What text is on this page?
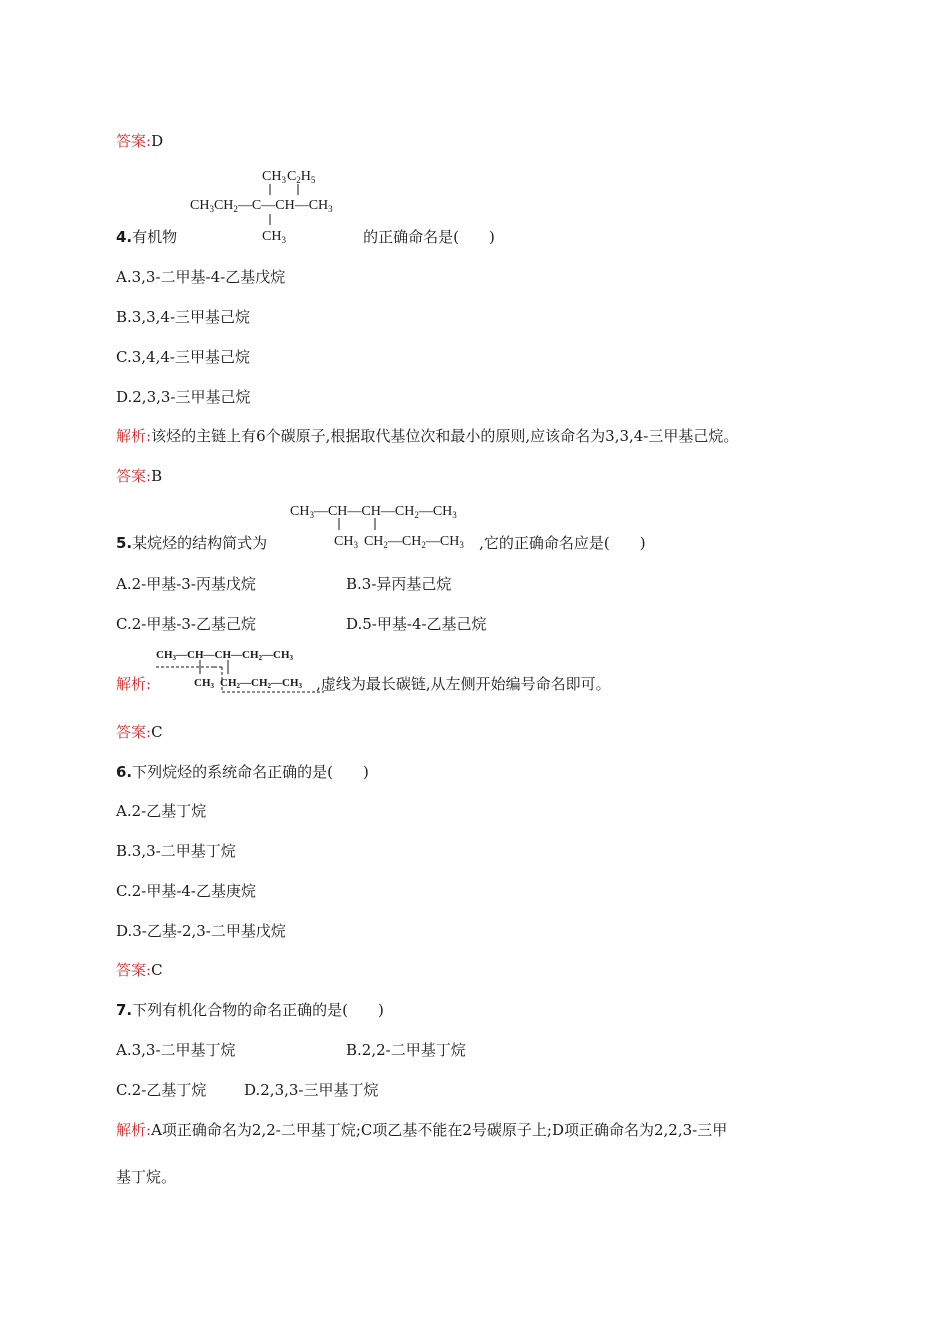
答案:D
$CH_3C_2H_5$
$CH_3CH_2—C—CH—CH_3$
$CH_3$
4.有机物	的正确命名是(　　)
A.3,3-二甲基-4-乙基戊烷
B.3,3,4-三甲基己烷
C.3,4,4-三甲基己烷
D.2,3,3-三甲基己烷
解析:该烃的主链上有6个碳原子,根据取代基位次和最小的原则,应该命名为3,3,4-三甲基己烷。
答案:B
$CH_3—CH—CH—CH_2—CH_3$
$CH_3$ $CH_2—CH_2—CH_3$
5.某烷烃的结构简式为	,它的正确命名应是(　　)
A.2-甲基-3-丙基戊烷	B.3-异丙基己烷
C.2-甲基-3-乙基己烷	D.5-甲基-4-乙基己烷
CH3—CH—CH—CH2—CH3
CH3 CH2—CH2—CH3
解析:	,虚线为最长碳链,从左侧开始编号命名即可。
答案:C
6.下列烷烃的系统命名正确的是(　　)
A.2-乙基丁烷
B.3,3-二甲基丁烷
C.2-甲基-4-乙基庚烷
D.3-乙基-2,3-二甲基戊烷
答案:C
7.下列有机化合物的命名正确的是(　　)
A.3,3-二甲基丁烷	B.2,2-二甲基丁烷
C.2-乙基丁烷	D.2,3,3-三甲基丁烷
解析:A项正确命名为2,2-二甲基丁烷;C项乙基不能在2号碳原子上;D项正确命名为2,2,3-三甲
基丁烷。
